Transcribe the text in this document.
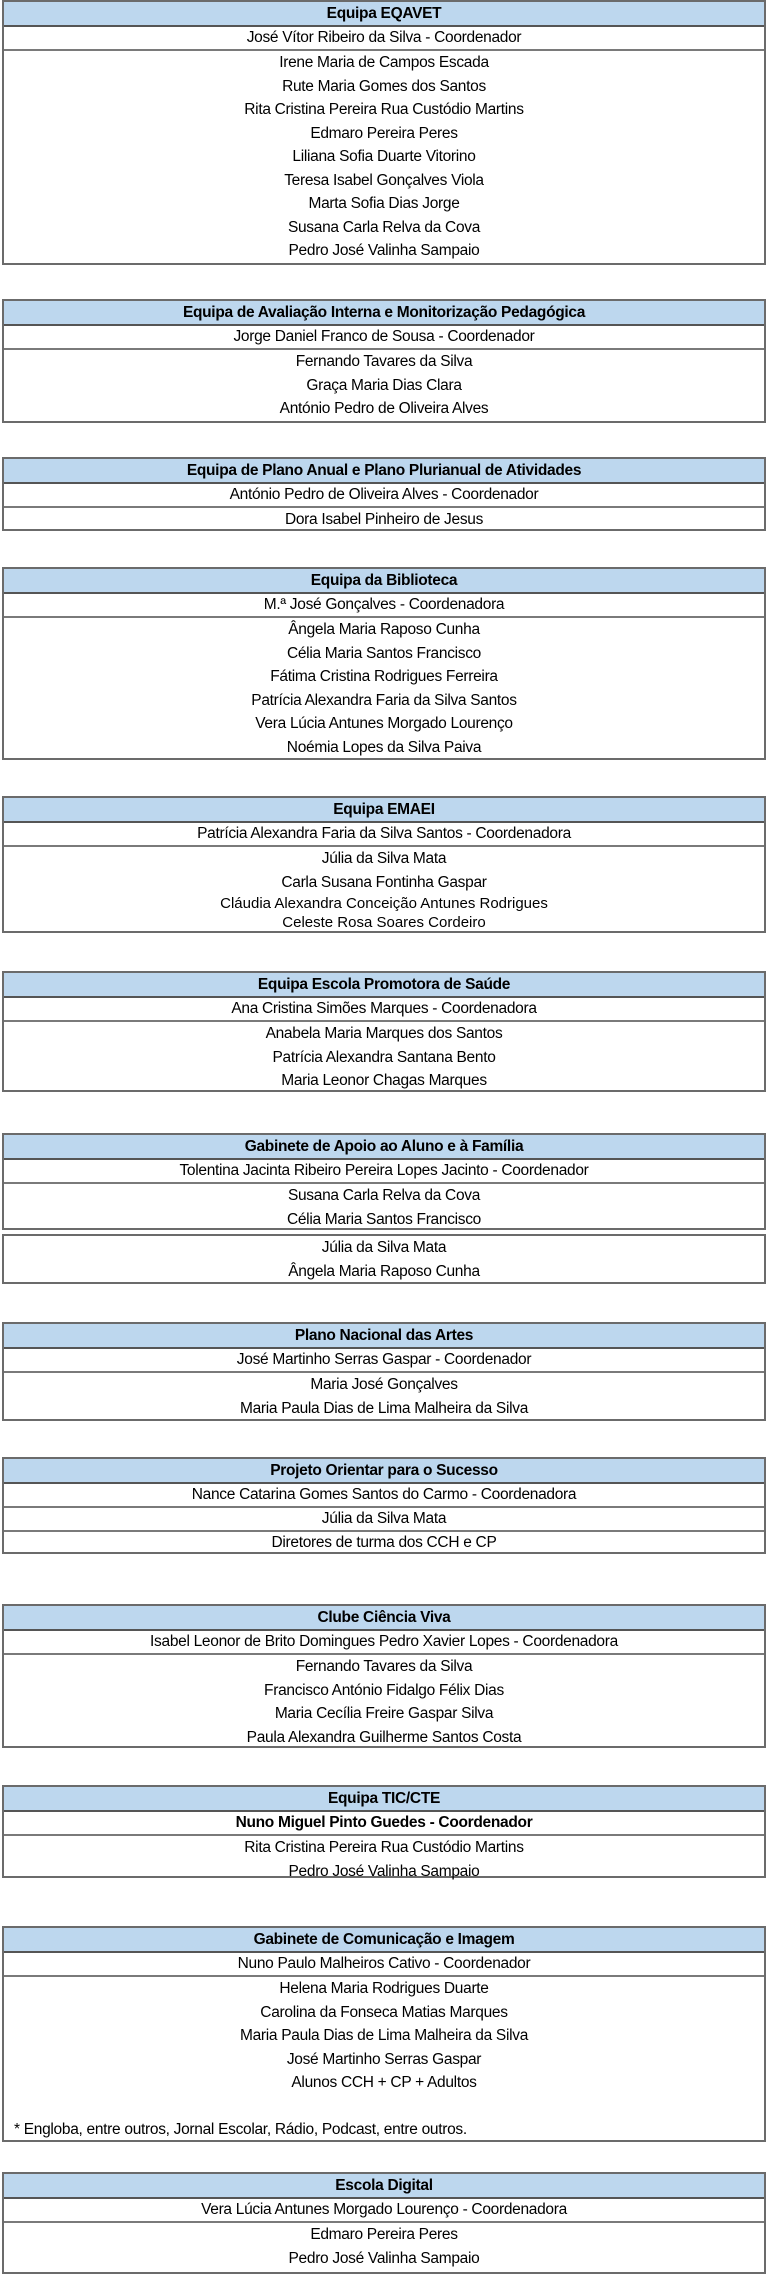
Equipa EQAVET
José Vítor Ribeiro da Silva - Coordenador
Irene Maria de Campos Escada
Rute Maria Gomes dos Santos
Rita Cristina Pereira Rua Custódio Martins
Edmaro Pereira Peres
Liliana Sofia Duarte Vitorino
Teresa Isabel Gonçalves Viola
Marta Sofia Dias Jorge
Susana Carla Relva da Cova
Pedro José Valinha Sampaio
Equipa de Avaliação Interna e Monitorização Pedagógica
Jorge Daniel Franco de Sousa - Coordenador
Fernando Tavares da Silva
Graça Maria Dias Clara
António Pedro de Oliveira Alves
Equipa de Plano Anual e Plano Plurianual de Atividades
António Pedro de Oliveira Alves - Coordenador
Dora Isabel Pinheiro de Jesus
Equipa da Biblioteca
M.ª José Gonçalves - Coordenadora
Ângela Maria Raposo Cunha
Célia Maria Santos Francisco
Fátima Cristina Rodrigues Ferreira
Patrícia Alexandra Faria da Silva Santos
Vera Lúcia Antunes Morgado Lourenço
Noémia Lopes da Silva Paiva
Equipa EMAEI
Patrícia Alexandra Faria da Silva Santos - Coordenadora
Júlia da Silva Mata
Carla Susana Fontinha Gaspar
Cláudia Alexandra Conceição Antunes Rodrigues
Celeste Rosa Soares Cordeiro
Equipa Escola Promotora de Saúde
Ana Cristina Simões Marques - Coordenadora
Anabela Maria Marques dos Santos
Patrícia Alexandra Santana Bento
Maria Leonor Chagas Marques
Gabinete de Apoio ao Aluno e à Família
Tolentina Jacinta Ribeiro Pereira Lopes Jacinto - Coordenador
Susana Carla Relva da Cova
Célia Maria Santos Francisco
Júlia da Silva Mata
Ângela Maria Raposo Cunha
Plano Nacional das Artes
José Martinho Serras Gaspar - Coordenador
Maria José Gonçalves
Maria Paula Dias de Lima Malheira da Silva
Projeto Orientar para o Sucesso
Nance Catarina Gomes Santos do Carmo - Coordenadora
Júlia da Silva Mata
Diretores de turma dos CCH e CP
Clube Ciência Viva
Isabel Leonor de Brito Domingues Pedro Xavier Lopes - Coordenadora
Fernando Tavares da Silva
Francisco António Fidalgo Félix Dias
Maria Cecília Freire Gaspar Silva
Paula Alexandra Guilherme Santos Costa
Equipa TIC/CTE
Nuno Miguel Pinto Guedes - Coordenador
Rita Cristina Pereira Rua Custódio Martins
Pedro José Valinha Sampaio
Gabinete de Comunicação e Imagem
Nuno Paulo Malheiros Cativo - Coordenador
Helena Maria Rodrigues Duarte
Carolina da Fonseca Matias Marques
Maria Paula Dias de Lima Malheira da Silva
José Martinho Serras Gaspar
Alunos CCH + CP + Adultos
* Engloba, entre outros, Jornal Escolar, Rádio, Podcast, entre outros.
Escola Digital
Vera Lúcia Antunes Morgado Lourenço - Coordenadora
Edmaro Pereira Peres
Pedro José Valinha Sampaio
